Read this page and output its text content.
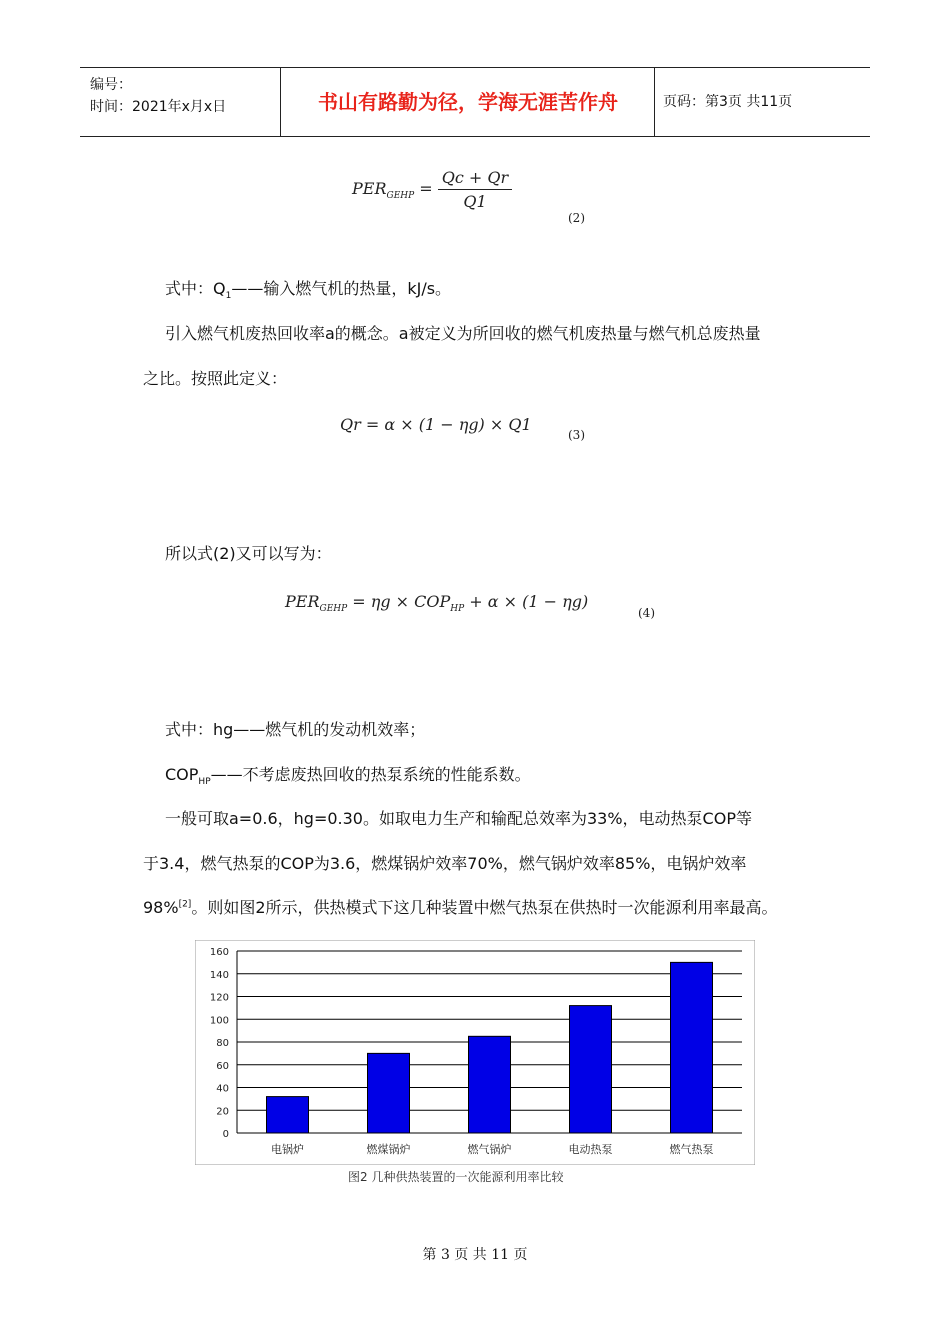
编号：
时间：2021年x月x日	书山有路勤为径，学海无涯苦作舟	页码：第3页 共11页
$PER_{GEHP} = \frac{Qc + Qr}{Q1}$
(2)
式中：$Q_1——$输入燃气机的热量，kJ/s。
引入燃气机废热回收率a的概念。a被定义为所回收的燃气机废热量与燃气机总废热量
之比。按照此定义：
Qr = α × (1 − ηg) × Q1
(3)
所以式(2)又可以写为：
$PER_{GEHP} = \eta g \times COP_{HP} + \alpha \times (1 - \eta g)$
(4)
式中：hg——燃气机的发动机效率；
$COP_{HP}——$不考虑废热回收的热泵系统的性能系数。
一般可取a=0.6，hg=0.30。如取电力生产和输配总效率为33%，电动热泵COP等
于3.4，燃气热泵的COP为3.6，燃煤锅炉效率70%，燃气锅炉效率85%，电锅炉效率
98%[2]。则如图2所示，供热模式下这几种装置中燃气热泵在供热时一次能源利用率最高。
0
20
40
60
80
100
120
140
160
电锅炉	燃煤锅炉	燃气锅炉	电动热泵	燃气热泵
图2 几种供热装置的一次能源利用率比较
第 3 页 共 11 页
